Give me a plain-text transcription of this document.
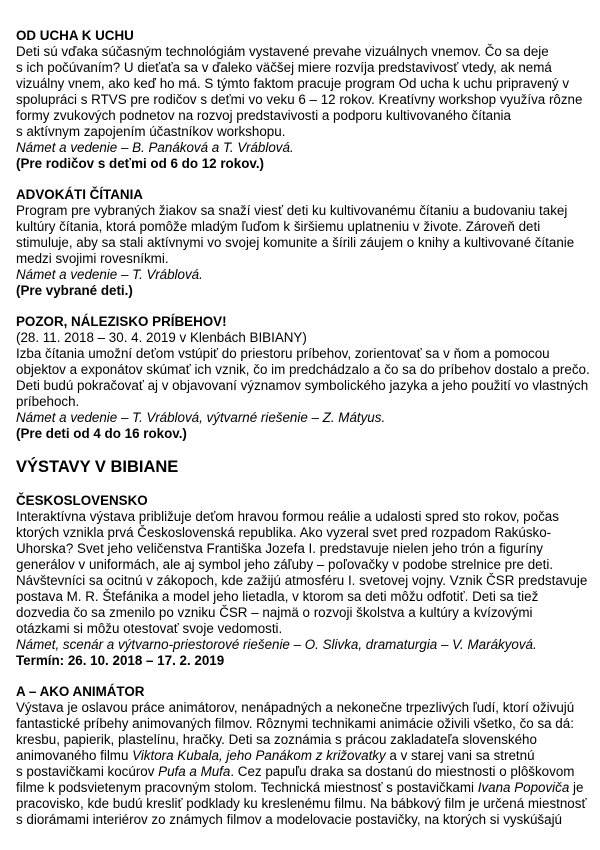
OD UCHA K UCHU

Deti sú vďaka súčasným technológiám vystavené prevahe vizuálnych vnemov. Čo sa deje
s ich počúvaním? U dieťaťa sa v ďaleko väčšej miere rozvíja predstavivosť vtedy, ak nemá
vizuálny vnem, ako keď ho má. S týmto faktom pracuje program Od ucha k uchu pripravený v
spolupráci s RTVS pre rodičov s deťmi vo veku 6 – 12 rokov. Kreatívny workshop využíva rôzne
formy zvukových podnetov na rozvoj predstavivosti a podporu kultivovaného čítania
s aktívnym zapojením účastníkov workshopu.

Námet a vedenie – B. Panáková a T. Vráblová.

(Pre rodičov s deťmi od 6 do 12 rokov.)

ADVOKÁTI ČÍTANIA

Program pre vybraných žiakov sa snaží viesť deti ku kultivovanému čítaniu a budovaniu takej
kultúry čítania, ktorá pomôže mladým ľuďom k širšiemu uplatneniu v živote. Zároveň deti
stimuluje, aby sa stali aktívnymi vo svojej komunite a šírili záujem o knihy a kultivované čítanie
medzi svojimi rovesníkmi.

Námet a vedenie – T. Vráblová.

(Pre vybrané deti.)

POZOR, NÁLEZISKO PRÍBEHOV!

(28. 11. 2018 – 30. 4. 2019 v Klenbách BIBIANY)

Izba čítania umožní deťom vstúpiť do priestoru príbehov, zorientovať sa v ňom a pomocou
objektov a exponátov skúmať ich vznik, čo im predchádzalo a čo sa do príbehov dostalo a prečo.
Deti budú pokračovať aj v objavovaní významov symbolického jazyka a jeho použití vo vlastných
príbehoch.

Námet a vedenie – T. Vráblová, výtvarné riešenie – Z. Mátyus.

(Pre deti od 4 do 16 rokov.)

VÝSTAVY V BIBIANE

ČESKOSLOVENSKO

Interaktívna výstava približuje deťom hravou formou reálie a udalosti spred sto rokov, počas
ktorých vznikla prvá Československá republika. Ako vyzeral svet pred rozpadom Rakúsko-
Uhorska? Svet jeho veličenstva Františka Jozefa I. predstavuje nielen jeho trón a figuríny
generálov v uniformách, ale aj symbol jeho záľuby – poľovačky v podobe strelnice pre deti.
Návštevníci sa ocitnú v zákopoch, kde zažijú atmosféru I. svetovej vojny. Vznik ČSR predstavuje
postava M. R. Štefánika a model jeho lietadla, v ktorom sa deti môžu odfotiť. Deti sa tiež
dozvedia čo sa zmenilo po vzniku ČSR – najmä o rozvoji školstva a kultúry a kvízovými
otázkami si môžu otestovať svoje vedomosti.

Námet, scenár a výtvarno-priestorové riešenie – O. Slivka, dramaturgia – V. Marákyová.

Termín: 26. 10. 2018 – 17. 2. 2019

A – AKO ANIMÁTOR

Výstava je oslavou práce animátorov, nenápadných a nekonečne trpezlivých ľudí, ktorí oživujú
fantastické príbehy animovaných filmov. Rôznymi technikami animácie oživili všetko, čo sa dá:
kresbu, papierik, plastelínu, hračky. Deti sa zoznámia s prácou zakladateľa slovenského
animovaného filmu Viktora Kubala, jeho Panákom z križovatky a v starej vani sa stretnú
s postavičkami kocúrov Pufa a Mufa. Cez papuľu draka sa dostanú do miestnosti o plôškovom
filme k podsvietenym pracovným stolom. Technická miestnosť s postavičkami Ivana Popoviča je
pracovisko, kde budú kresliť podklady ku kreslenému filmu. Na bábkový film je určená miestnosť
s diorámami interiérov zo známych filmov a modelovacie postavičky, na ktorých si vyskúšajú
